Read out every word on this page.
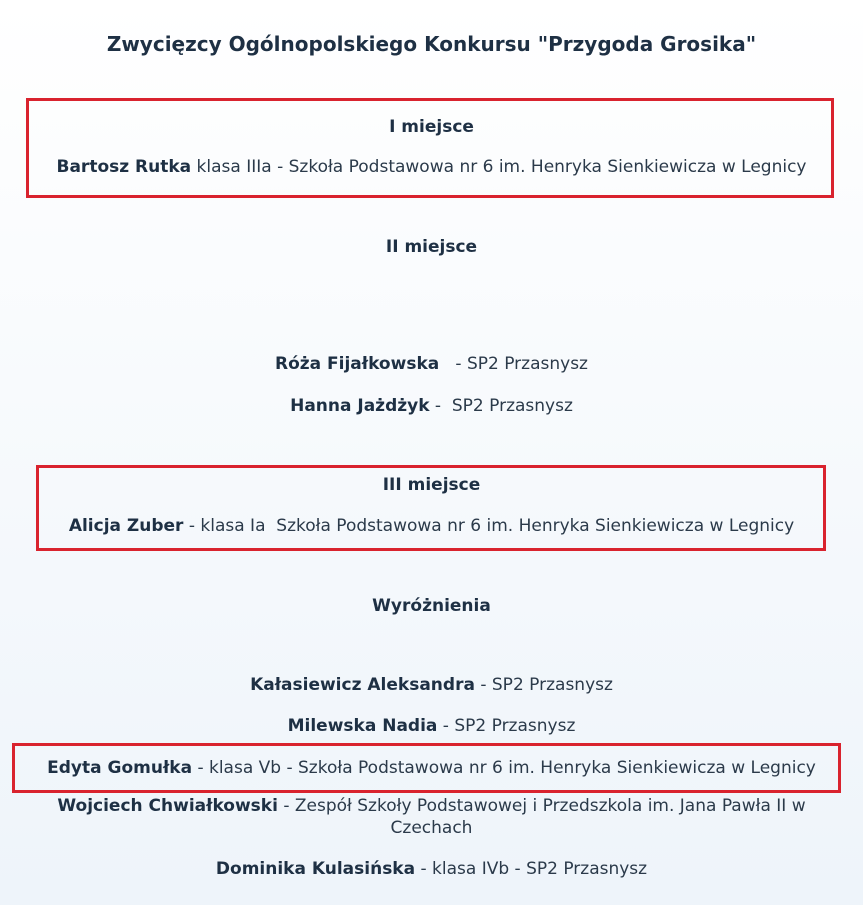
Zwycięzcy Ogólnopolskiego Konkursu "Przygoda Grosika"
I miejsce
Bartosz Rutka klasa IIIa - Szkoła Podstawowa nr 6 im. Henryka Sienkiewicza w Legnicy
II miejsce
Róża Fijałkowska   - SP2 Przasnysz
Hanna Jażdżyk -  SP2 Przasnysz
III miejsce
Alicja Zuber - klasa Ia  Szkoła Podstawowa nr 6 im. Henryka Sienkiewicza w Legnicy
Wyróżnienia
Kałasiewicz Aleksandra - SP2 Przasnysz
Milewska Nadia - SP2 Przasnysz
Edyta Gomułka - klasa Vb - Szkoła Podstawowa nr 6 im. Henryka Sienkiewicza w Legnicy
Wojciech Chwiałkowski - Zespół Szkoły Podstawowej i Przedszkola im. Jana Pawła II w Czechach
Dominika Kulasińska - klasa IVb - SP2 Przasnysz
